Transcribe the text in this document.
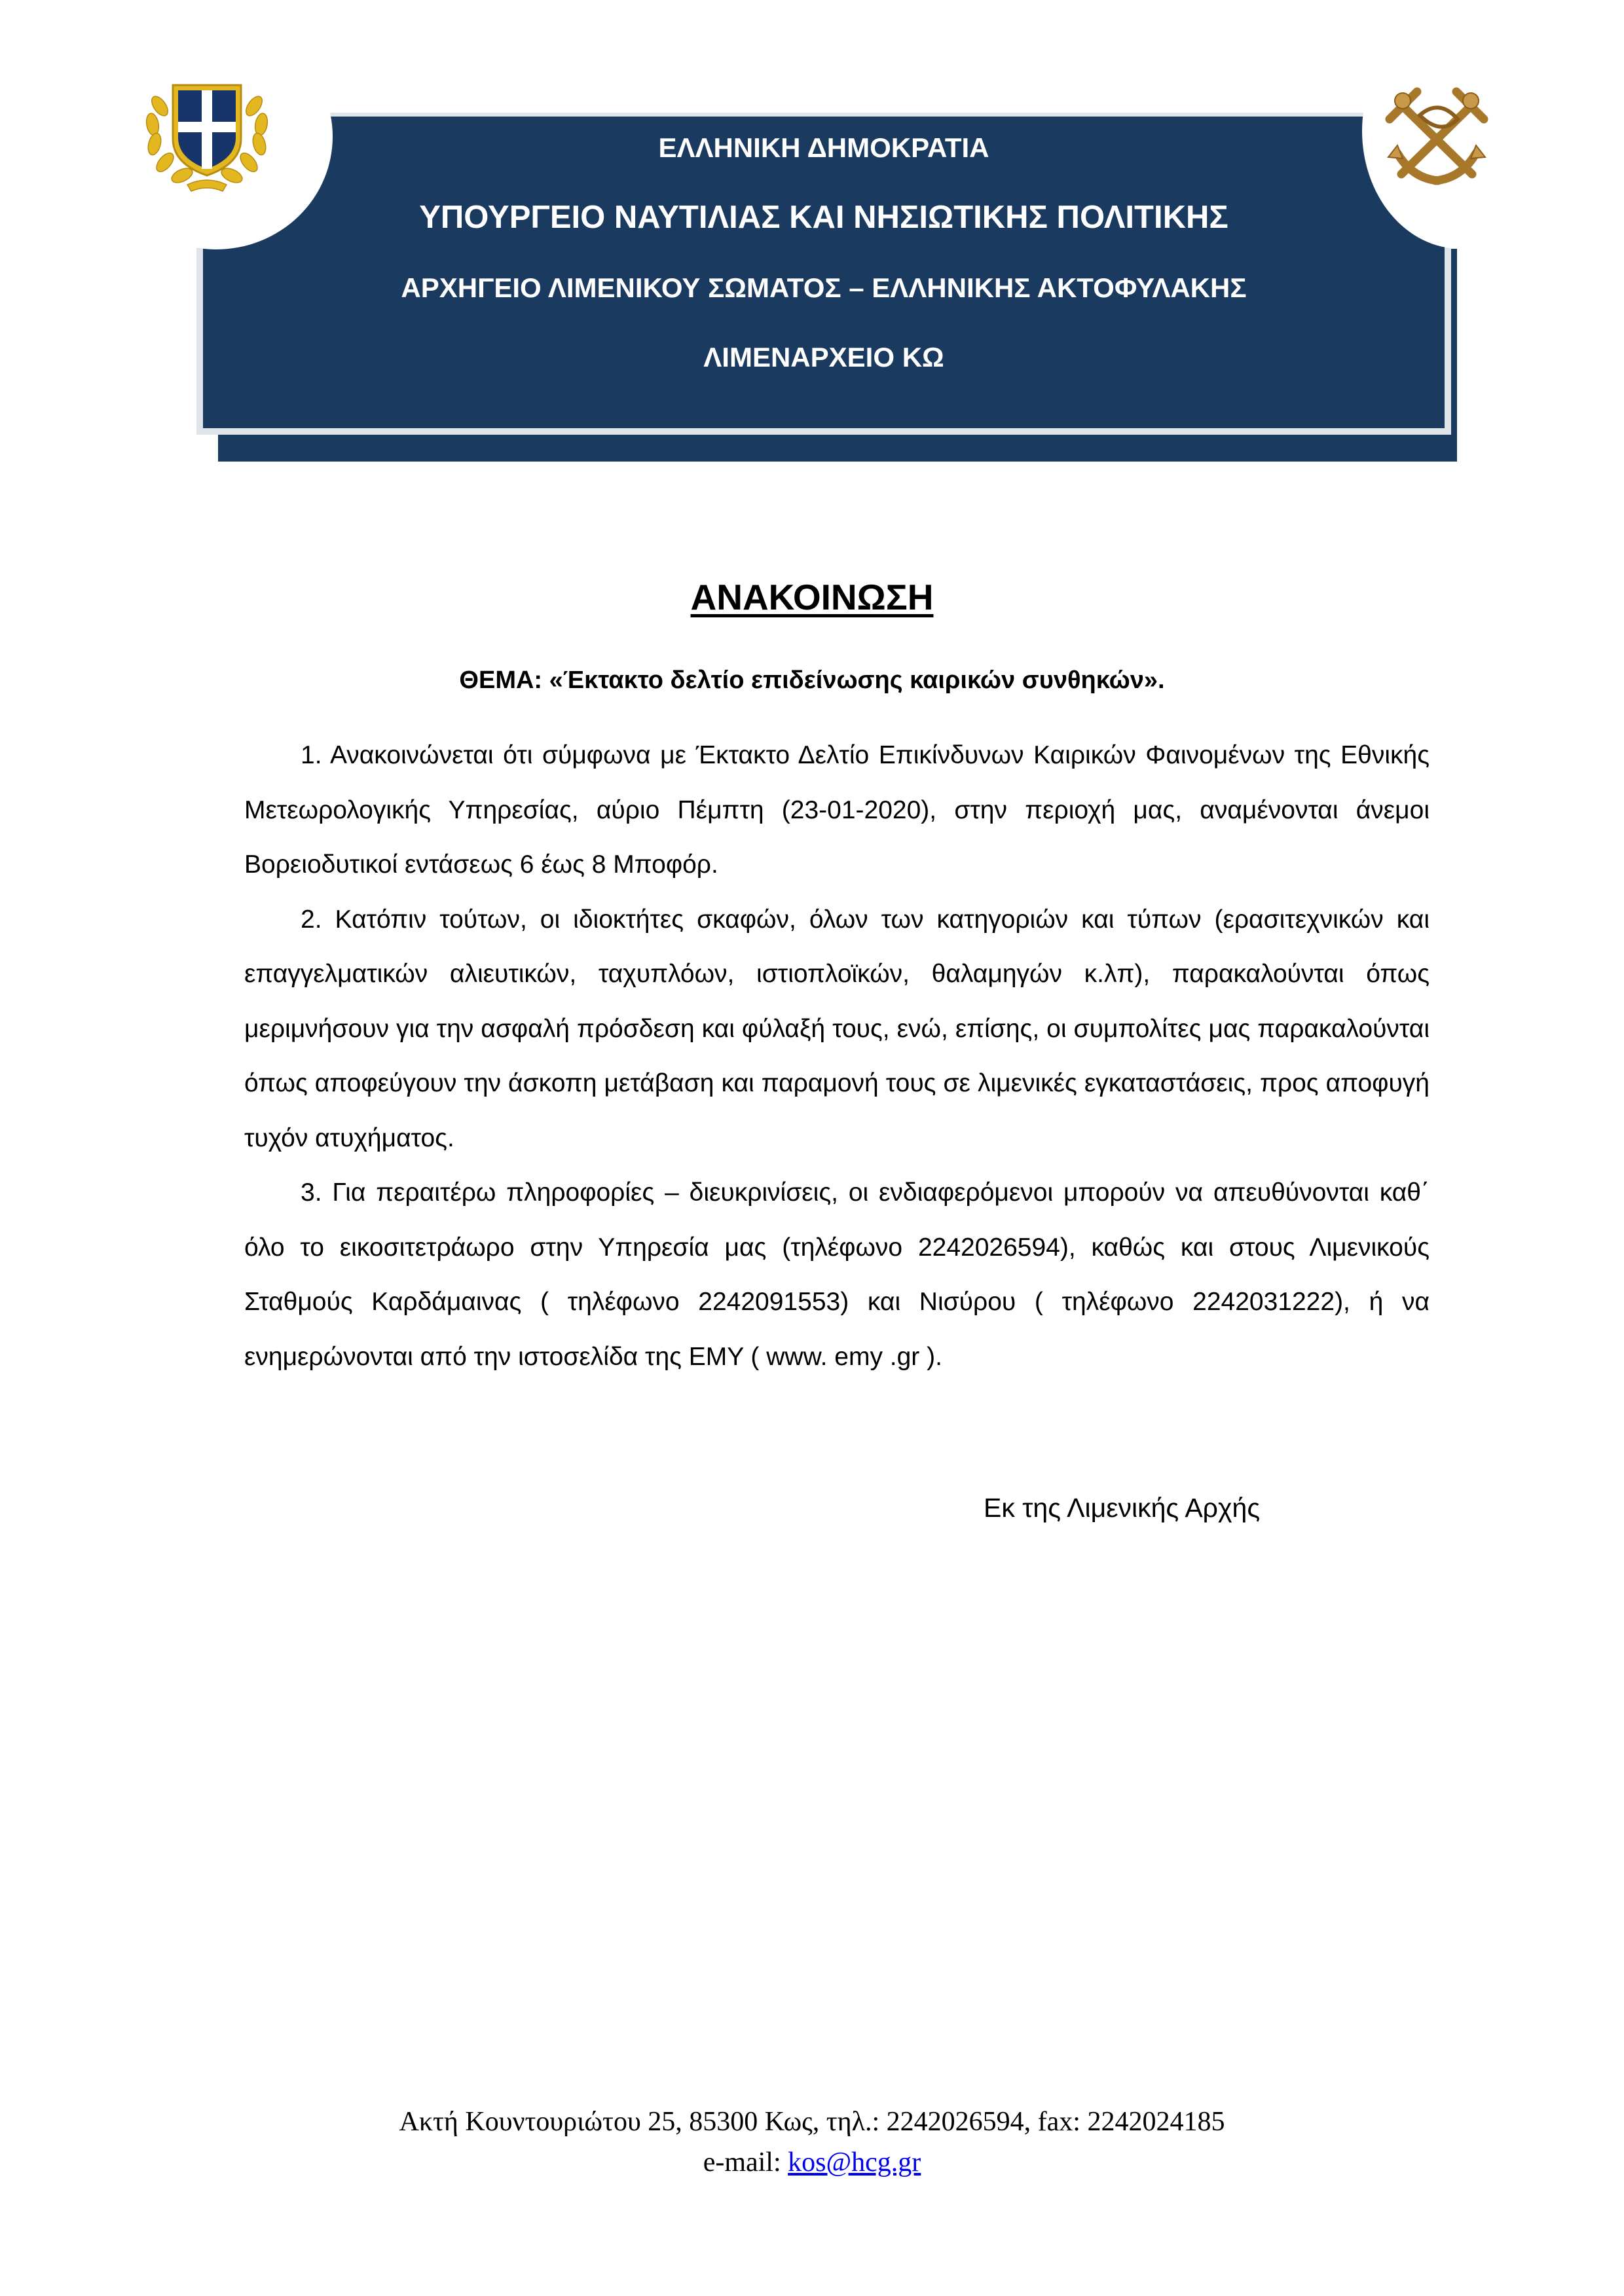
ΕΛΛΗΝΙΚΗ ΔΗΜΟΚΡΑΤΙΑ
ΥΠΟΥΡΓΕΙΟ ΝΑΥΤΙΛΙΑΣ ΚΑΙ ΝΗΣΙΩΤΙΚΗΣ ΠΟΛΙΤΙΚΗΣ
ΑΡΧΗΓΕΙΟ ΛΙΜΕΝΙΚΟΥ ΣΩΜΑΤΟΣ – ΕΛΛΗΝΙΚΗΣ ΑΚΤΟΦΥΛΑΚΗΣ
ΛΙΜΕΝΑΡΧΕΙΟ ΚΩ
ΑΝΑΚΟΙΝΩΣΗ
ΘΕΜΑ: «Έκτακτο δελτίο επιδείνωσης καιρικών συνθηκών».

1. Ανακοινώνεται ότι σύμφωνα με Έκτακτο Δελτίο Επικίνδυνων Καιρικών Φαινομένων της Εθνικής Μετεωρολογικής Υπηρεσίας, αύριο Πέμπτη (23-01-2020), στην περιοχή μας, αναμένονται άνεμοι Βορειοδυτικοί εντάσεως 6 έως 8 Μποφόρ.

2. Κατόπιν τούτων, οι ιδιοκτήτες σκαφών, όλων των κατηγοριών και τύπων (ερασιτεχνικών και επαγγελματικών αλιευτικών, ταχυπλόων, ιστιοπλοϊκών, θαλαμηγών κ.λπ), παρακαλούνται όπως μεριμνήσουν για την ασφαλή πρόσδεση και φύλαξή τους, ενώ, επίσης, οι συμπολίτες μας παρακαλούνται όπως αποφεύγουν την άσκοπη μετάβαση και παραμονή τους σε λιμενικές εγκαταστάσεις, προς αποφυγή τυχόν ατυχήματος.

3. Για περαιτέρω πληροφορίες – διευκρινίσεις, οι ενδιαφερόμενοι μπορούν να απευθύνονται καθ΄ όλο το εικοσιτετράωρο στην Υπηρεσία μας (τηλέφωνο 2242026594), καθώς και στους Λιμενικούς Σταθμούς Καρδάμαινας ( τηλέφωνο 2242091553) και Νισύρου ( τηλέφωνο 2242031222), ή να ενημερώνονται από την ιστοσελίδα της ΕΜΥ ( www. emy .gr ).

Εκ της Λιμενικής Αρχής
Ακτή Κουντουριώτου 25, 85300 Κως, τηλ.: 2242026594, fax: 2242024185
e-mail: kos@hcg.gr
